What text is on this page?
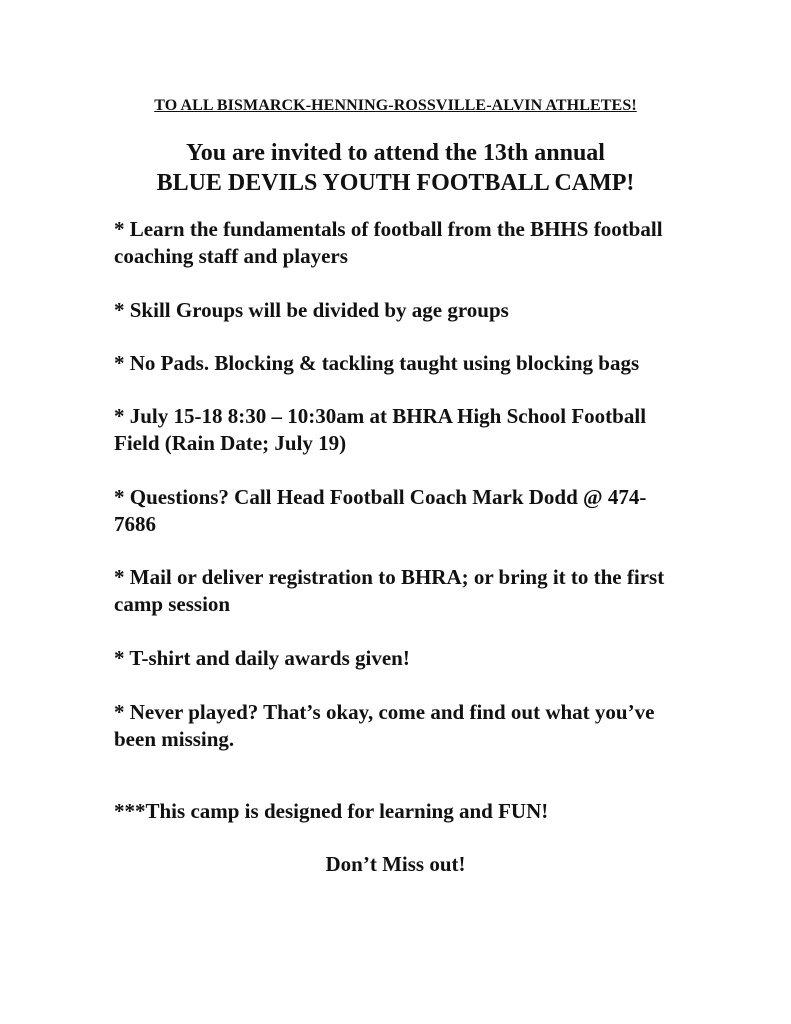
TO ALL BISMARCK-HENNING-ROSSVILLE-ALVIN ATHLETES!
You are invited to attend the 13th annual
BLUE DEVILS YOUTH FOOTBALL CAMP!

* Learn the fundamentals of football from the BHHS football coaching staff and players

* Skill Groups will be divided by age groups

* No Pads. Blocking & tackling taught using blocking bags

* July 15-18 8:30 – 10:30am at BHRA High School Football Field (Rain Date; July 19)

* Questions? Call Head Football Coach Mark Dodd @ 474-7686

* Mail or deliver registration to BHRA; or bring it to the first camp session

* T-shirt and daily awards given!

* Never played? That’s okay, come and find out what you’ve been missing.

***This camp is designed for learning and FUN!
Don’t Miss out!
